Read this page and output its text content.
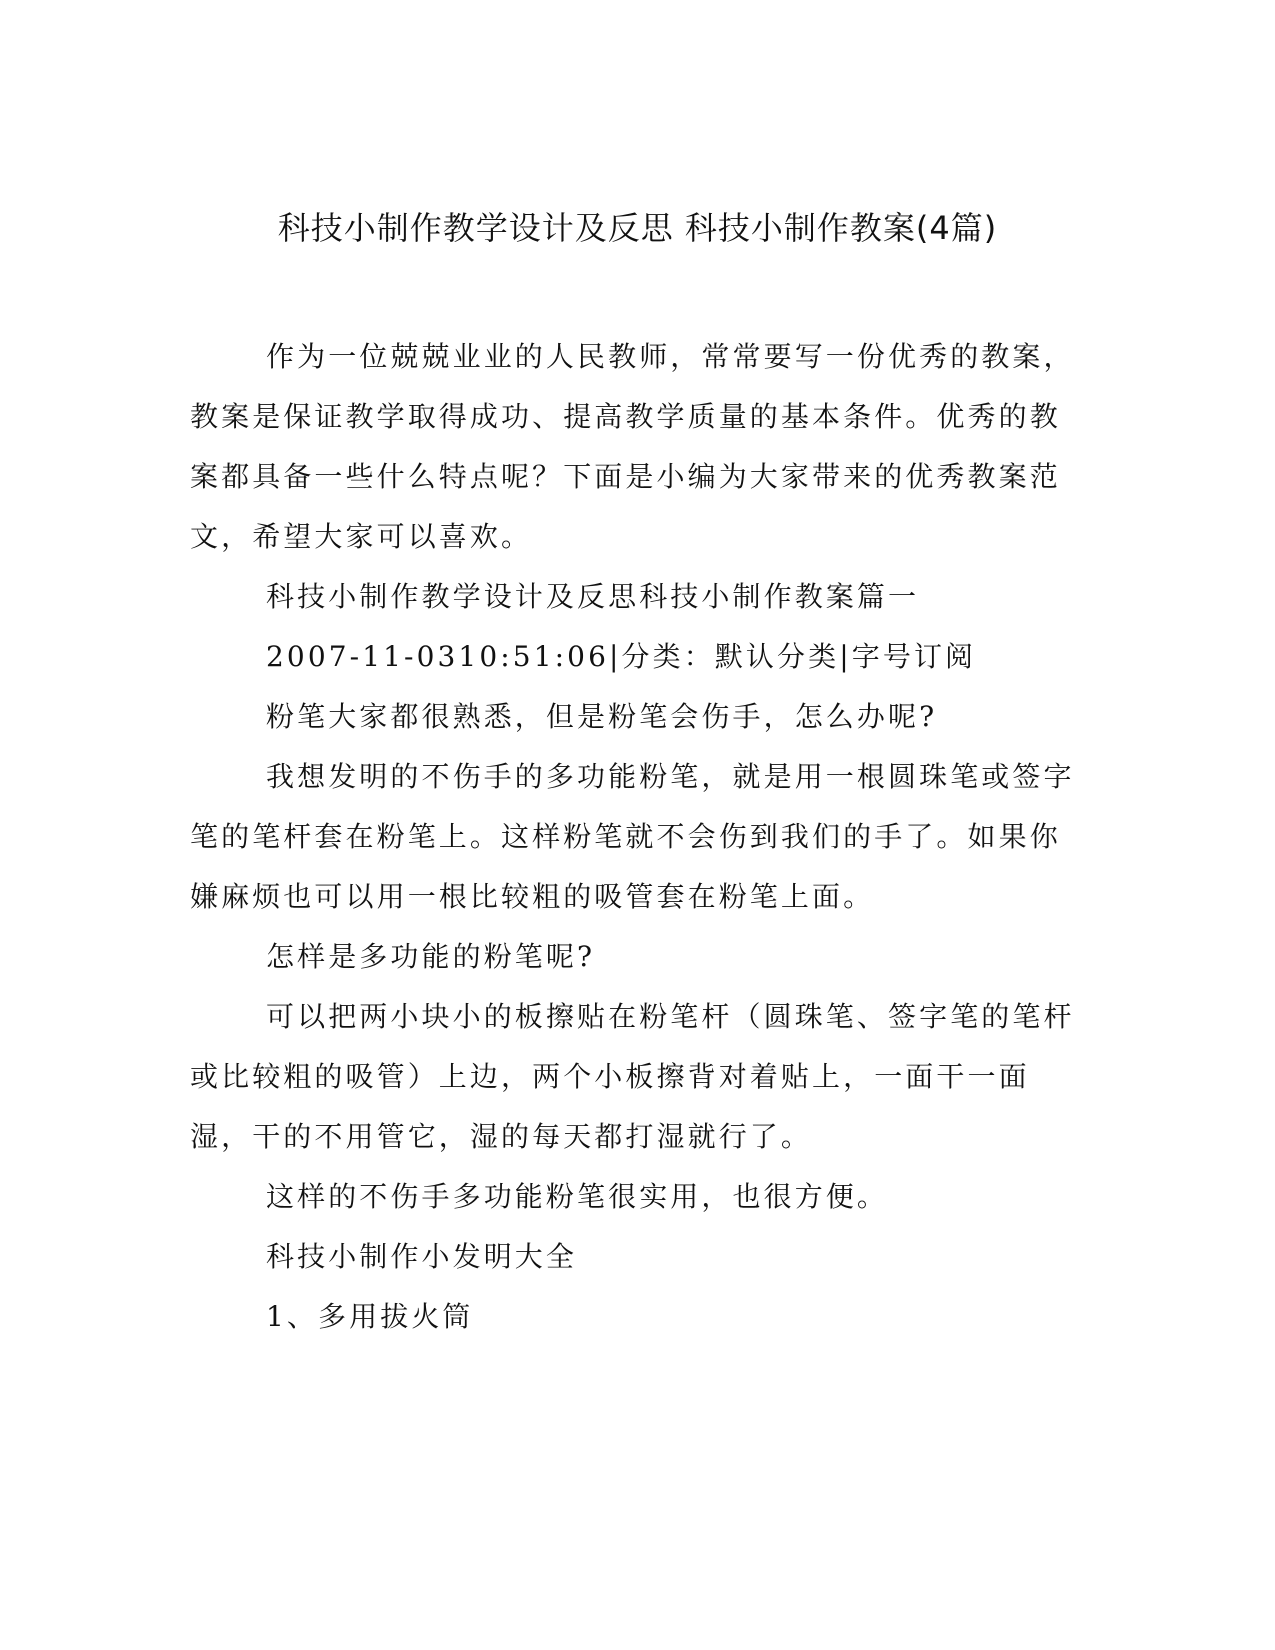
科技小制作教学设计及反思 科技小制作教案(4篇)

作为一位兢兢业业的人民教师，常常要写一份优秀的教案，教案是保证教学取得成功、提高教学质量的基本条件。优秀的教案都具备一些什么特点呢？下面是小编为大家带来的优秀教案范文，希望大家可以喜欢。

科技小制作教学设计及反思科技小制作教案篇一

2007-11-0310:51:06|分类：默认分类|字号订阅

粉笔大家都很熟悉，但是粉笔会伤手，怎么办呢?

我想发明的不伤手的多功能粉笔，就是用一根圆珠笔或签字笔的笔杆套在粉笔上。这样粉笔就不会伤到我们的手了。如果你嫌麻烦也可以用一根比较粗的吸管套在粉笔上面。

怎样是多功能的粉笔呢?

可以把两小块小的板擦贴在粉笔杆（圆珠笔、签字笔的笔杆或比较粗的吸管）上边，两个小板擦背对着贴上，一面干一面湿，干的不用管它，湿的每天都打湿就行了。

这样的不伤手多功能粉笔很实用，也很方便。

科技小制作小发明大全

1、多用拔火筒
